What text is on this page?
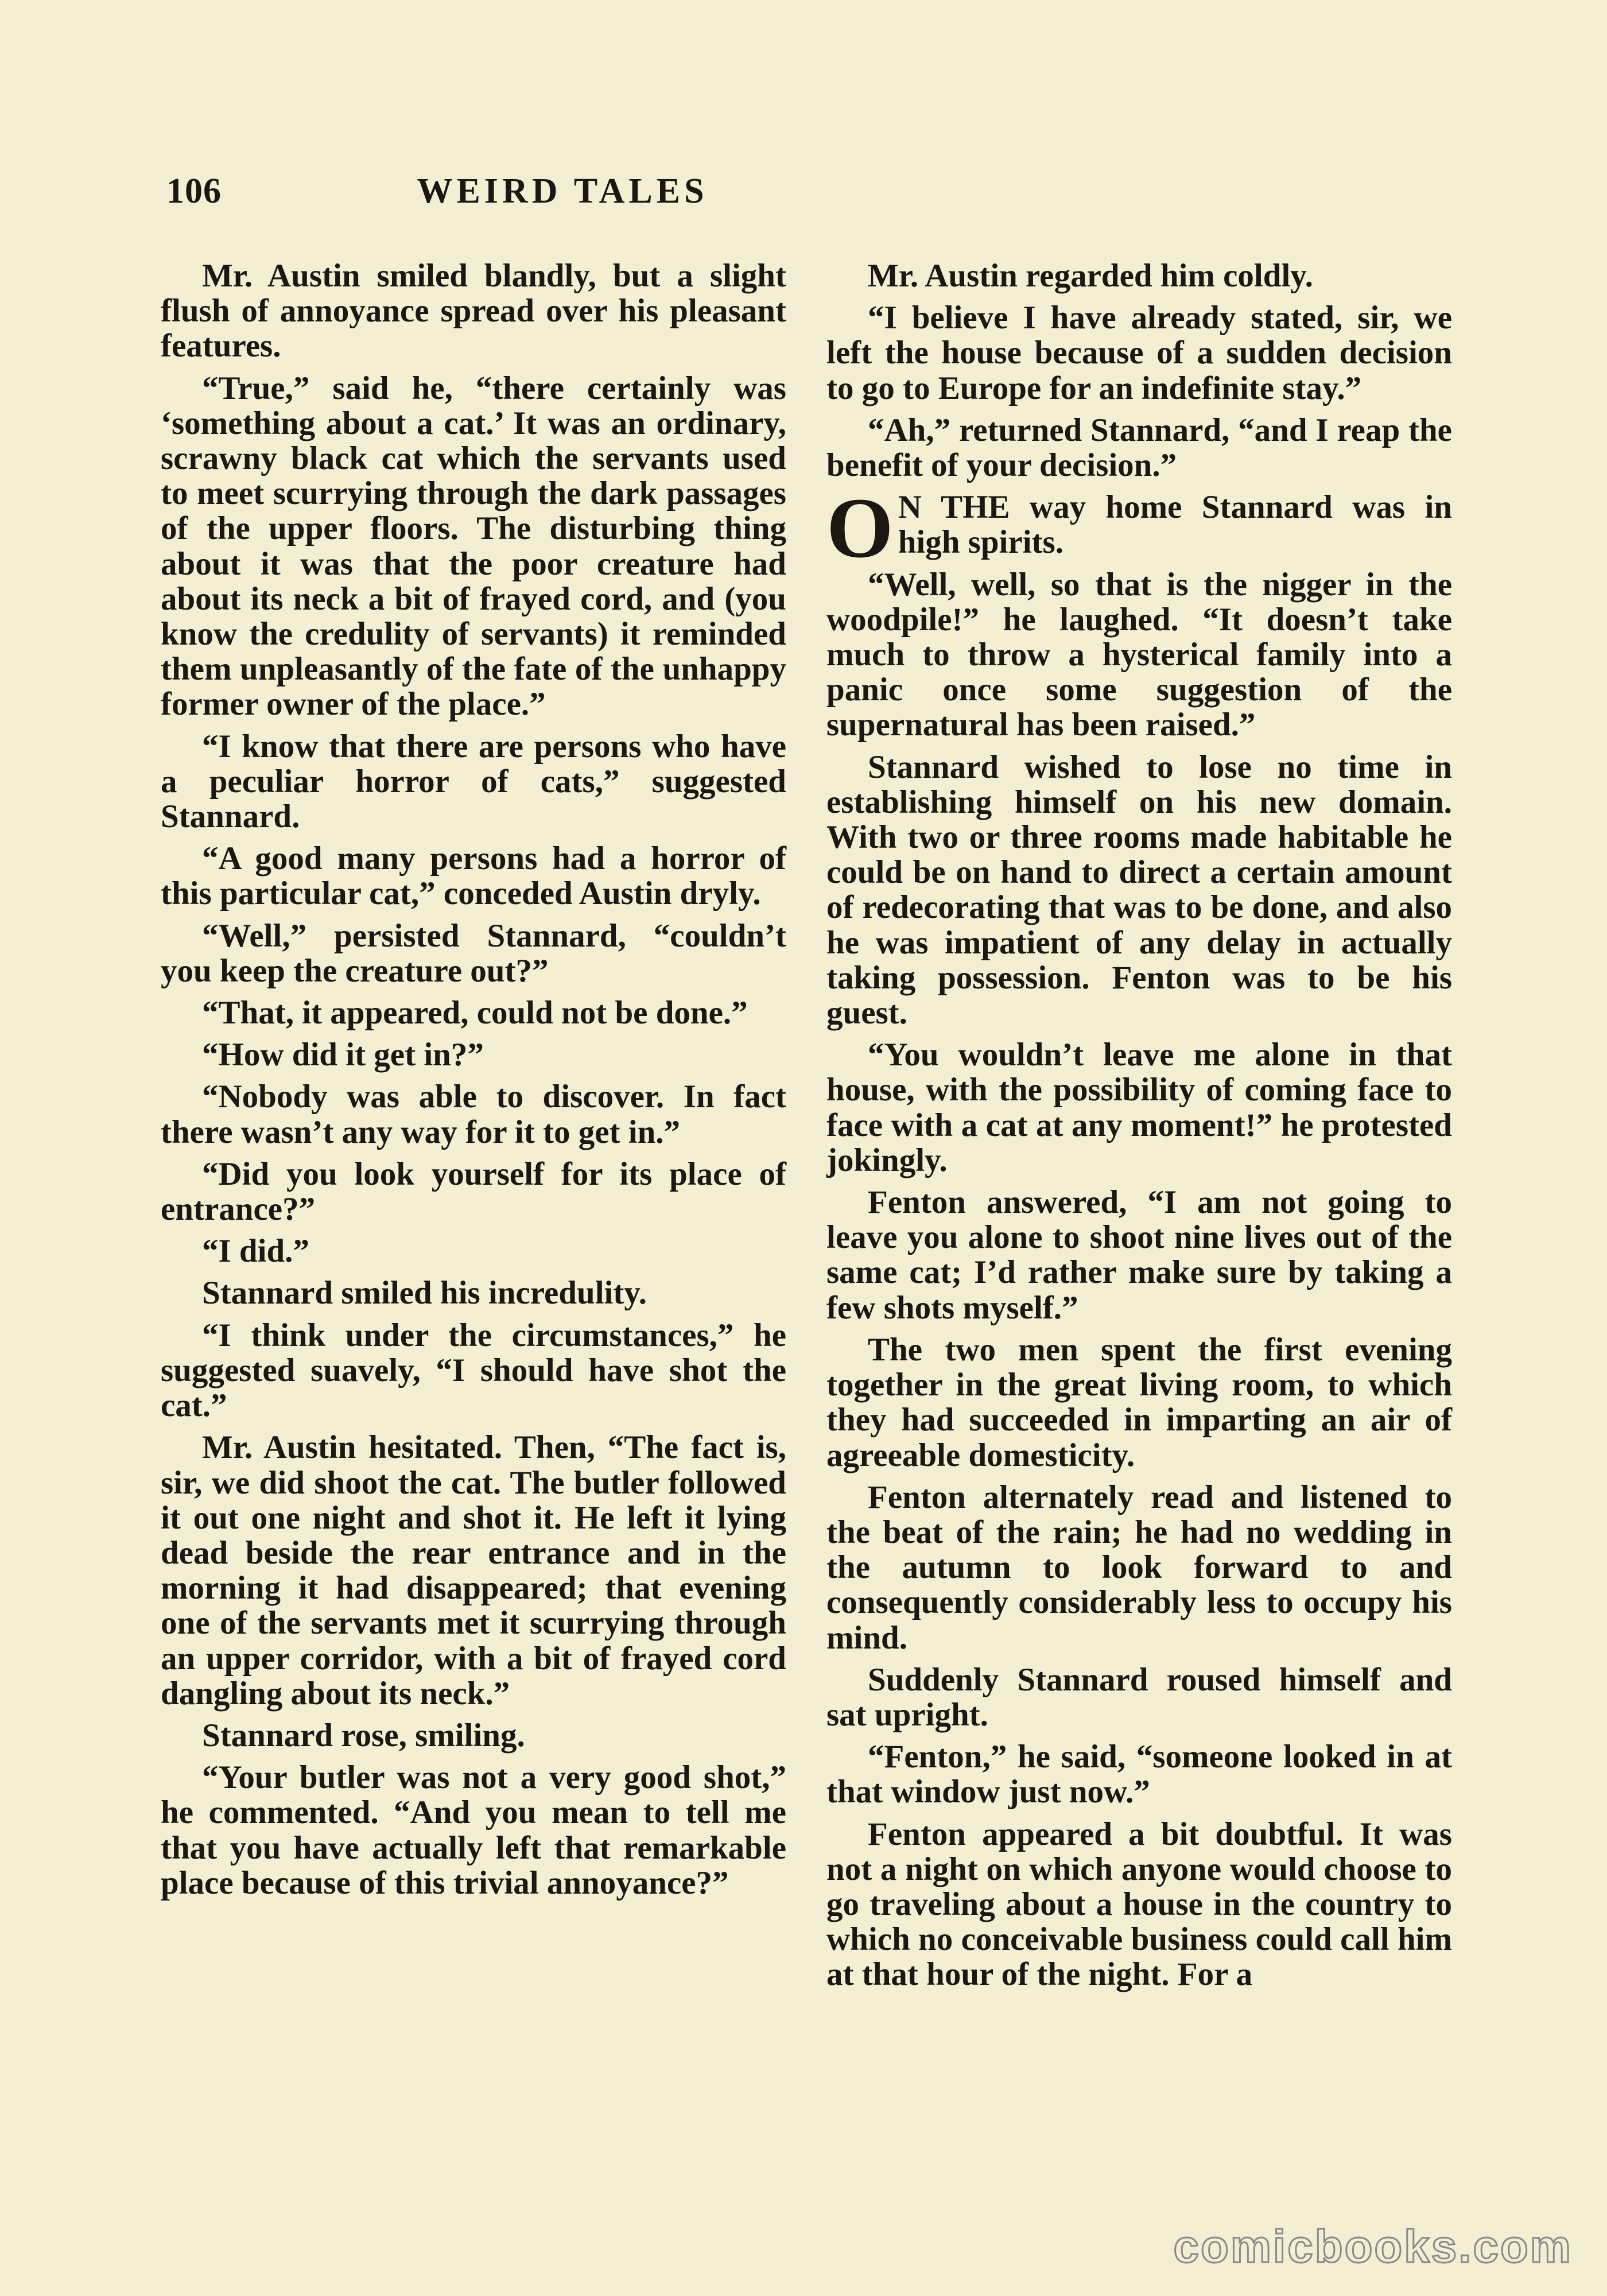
106	WEIRD TALES

Mr. Austin smiled blandly, but a slight flush of annoyance spread over his pleasant features.

“True,” said he, “there certainly was ‘something about a cat.’ It was an ordinary, scrawny black cat which the servants used to meet scurrying through the dark passages of the upper floors. The disturbing thing about it was that the poor creature had about its neck a bit of frayed cord, and (you know the credulity of servants) it reminded them unpleasantly of the fate of the unhappy former owner of the place.”

“I know that there are persons who have a peculiar horror of cats,” suggested Stannard.

“A good many persons had a horror of this particular cat,” conceded Austin dryly.

“Well,” persisted Stannard, “couldn’t you keep the creature out?”

“That, it appeared, could not be done.”

“How did it get in?”

“Nobody was able to discover. In fact there wasn’t any way for it to get in.”

“Did you look yourself for its place of entrance?”

“I did.”

Stannard smiled his incredulity.

“I think under the circumstances,” he suggested suavely, “I should have shot the cat.”

Mr. Austin hesitated. Then, “The fact is, sir, we did shoot the cat. The butler followed it out one night and shot it. He left it lying dead beside the rear entrance and in the morning it had disappeared; that evening one of the servants met it scurrying through an upper corridor, with a bit of frayed cord dangling about its neck.”

Stannard rose, smiling.

“Your butler was not a very good shot,” he commented. “And you mean to tell me that you have actually left that remarkable place because of this trivial annoyance?”

Mr. Austin regarded him coldly.

“I believe I have already stated, sir, we left the house because of a sudden decision to go to Europe for an indefinite stay.”

“Ah,” returned Stannard, “and I reap the benefit of your decision.”

O N THE way home Stannard was in high spirits.

“Well, well, so that is the nigger in the woodpile!” he laughed. “It doesn’t take much to throw a hysterical family into a panic once some suggestion of the supernatural has been raised.”

Stannard wished to lose no time in establishing himself on his new domain. With two or three rooms made habitable he could be on hand to direct a certain amount of redecorating that was to be done, and also he was impatient of any delay in actually taking possession. Fenton was to be his guest.

“You wouldn’t leave me alone in that house, with the possibility of coming face to face with a cat at any moment!” he protested jokingly.

Fenton answered, “I am not going to leave you alone to shoot nine lives out of the same cat; I’d rather make sure by taking a few shots myself.”

The two men spent the first evening together in the great living room, to which they had succeeded in imparting an air of agreeable domesticity.

Fenton alternately read and listened to the beat of the rain; he had no wedding in the autumn to look forward to and consequently considerably less to occupy his mind.

Suddenly Stannard roused himself and sat upright.

“Fenton,” he said, “someone looked in at that window just now.”

Fenton appeared a bit doubtful. It was not a night on which anyone would choose to go traveling about a house in the country to which no conceivable business could call him at that hour of the night. For a

comicbooks.com
